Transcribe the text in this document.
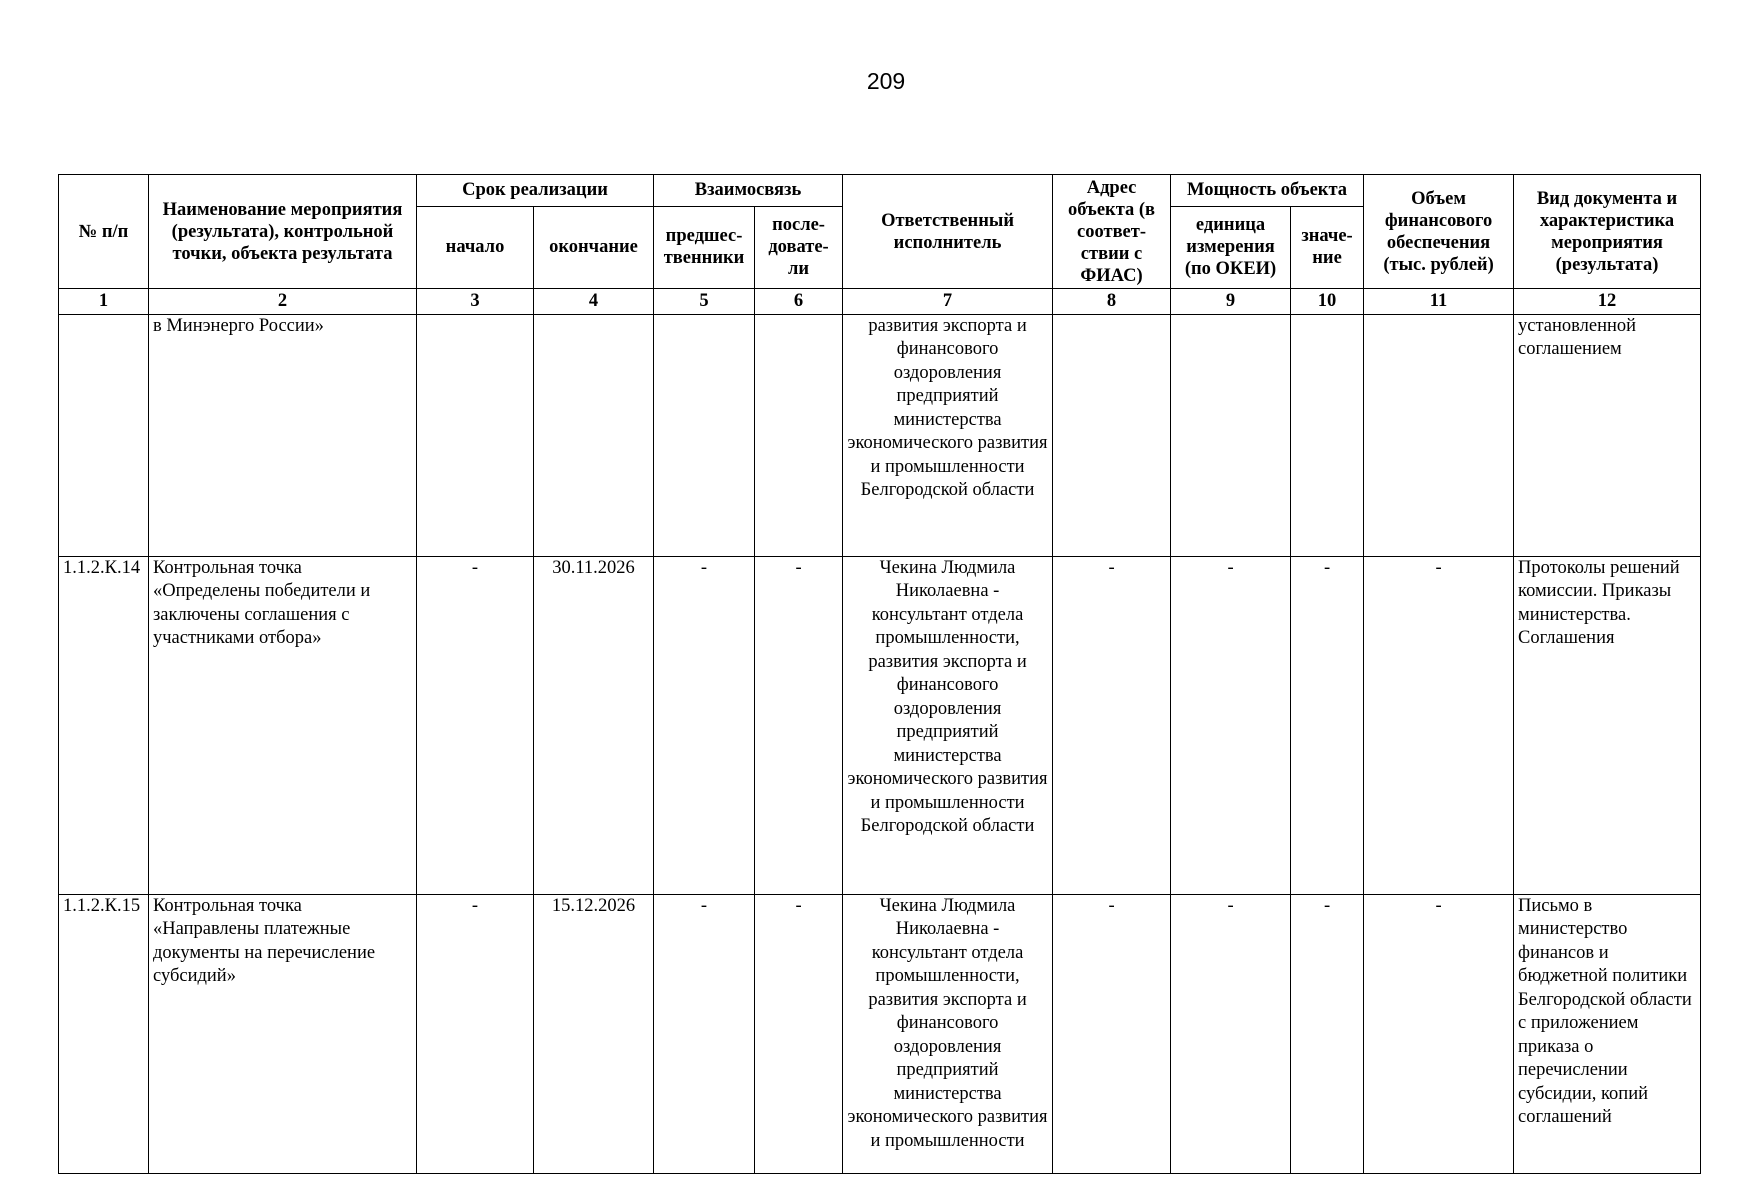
209
№ п/п	Наименование мероприятия (результата), контрольной точки, объекта результата	Срок реализации		Взаимосвязь		Ответственный исполнитель	Адрес объекта (в соответ-ствии с ФИАС)	Мощность объекта		Объем финансового обеспечения (тыс. рублей)	Вид документа и характеристика мероприятия (результата)
		начало	окончание	предшес-твенники	после-довате-ли			единица измерения (по ОКЕИ)	значе-ние		
1	2	3	4	5	6	7	8	9	10	11	12
	в Минэнерго России»					развития экспорта и финансового оздоровления предприятий министерства экономического развития и промышленности Белгородской области					установленной соглашением
1.1.2.К.14	Контрольная точка «Определены победители и заключены соглашения с участниками отбора»	-	30.11.2026	-	-	Чекина Людмила Николаевна - консультант отдела промышленности, развития экспорта и финансового оздоровления предприятий министерства экономического развития и промышленности Белгородской области	-	-	-	-	Протоколы решений комиссии. Приказы министерства. Соглашения
1.1.2.К.15	Контрольная точка «Направлены платежные документы на перечисление субсидий»	-	15.12.2026	-	-	Чекина Людмила Николаевна - консультант отдела промышленности, развития экспорта и финансового оздоровления предприятий министерства экономического развития и промышленности	-	-	-	-	Письмо в министерство финансов и бюджетной политики Белгородской области с приложением приказа о перечислении субсидии, копий соглашений
